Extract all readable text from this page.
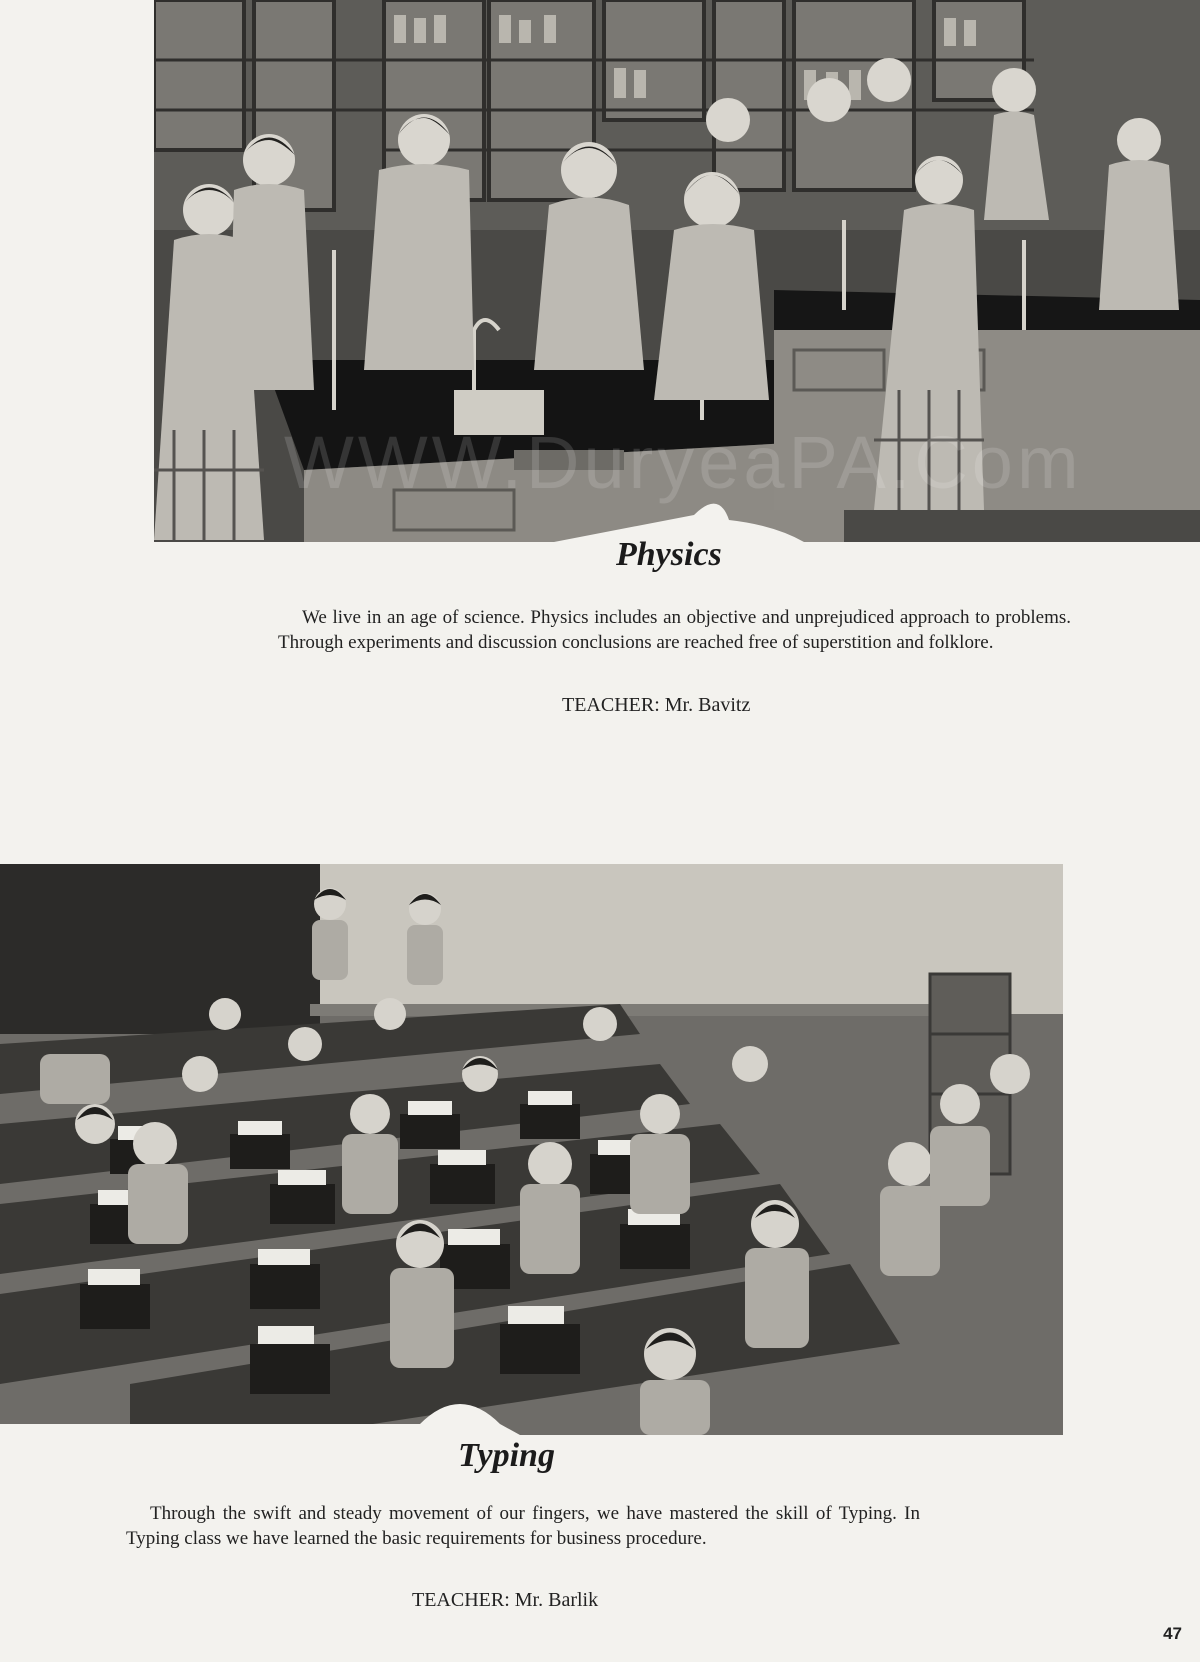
Physics

We live in an age of science. Physics includes an objective and unprejudiced approach to problems. Through experiments and discussion conclusions are reached free of superstition and folklore.

TEACHER: Mr. Bavitz

Typing

Through the swift and steady movement of our fingers, we have mastered the skill of Typing. In Typing class we have learned the basic requirements for business procedure.

TEACHER: Mr. Barlik

47
